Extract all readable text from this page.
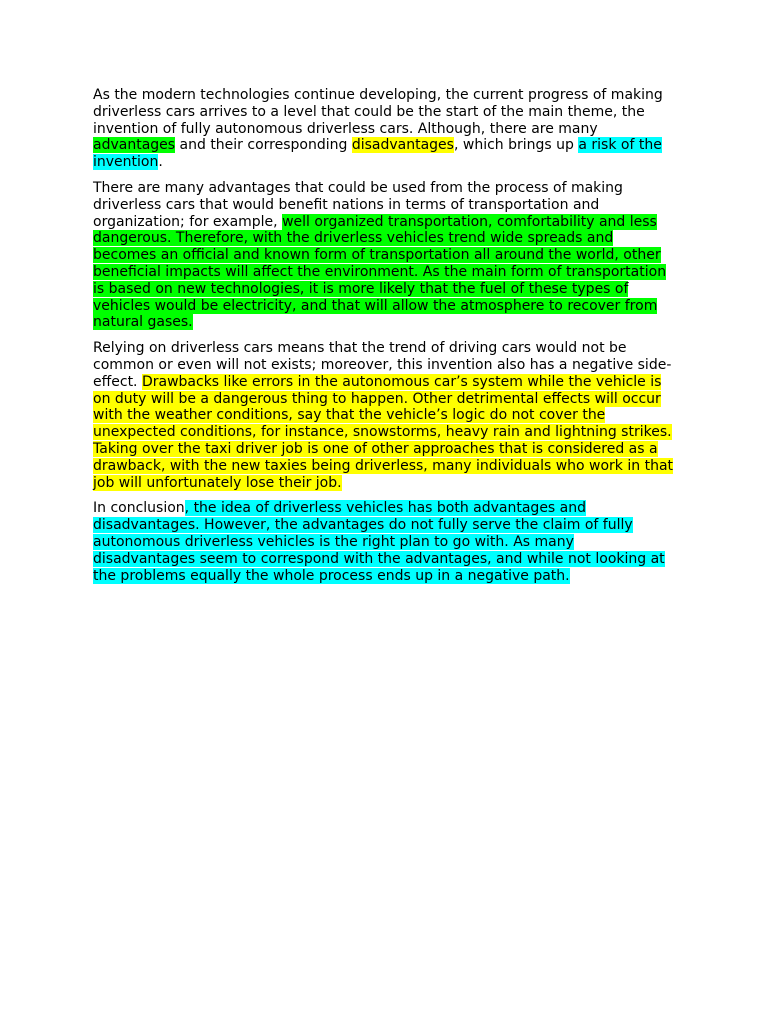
As the modern technologies continue developing, the current progress of making driverless cars arrives to a level that could be the start of the main theme, the invention of fully autonomous driverless cars. Although, there are many advantages and their corresponding disadvantages, which brings up a risk of the invention.

There are many advantages that could be used from the process of making driverless cars that would benefit nations in terms of transportation and organization; for example, well organized transportation, comfortability and less dangerous. Therefore, with the driverless vehicles trend wide spreads and becomes an official and known form of transportation all around the world, other beneficial impacts will affect the environment. As the main form of transportation is based on new technologies, it is more likely that the fuel of these types of vehicles would be electricity, and that will allow the atmosphere to recover from natural gases.

Relying on driverless cars means that the trend of driving cars would not be common or even will not exists; moreover, this invention also has a negative side-effect. Drawbacks like errors in the autonomous car’s system while the vehicle is on duty will be a dangerous thing to happen. Other detrimental effects will occur with the weather conditions, say that the vehicle’s logic do not cover the unexpected conditions, for instance, snowstorms, heavy rain and lightning strikes. Taking over the taxi driver job is one of other approaches that is considered as a drawback, with the new taxies being driverless, many individuals who work in that job will unfortunately lose their job.

In conclusion, the idea of driverless vehicles has both advantages and disadvantages. However, the advantages do not fully serve the claim of fully autonomous driverless vehicles is the right plan to go with. As many disadvantages seem to correspond with the advantages, and while not looking at the problems equally the whole process ends up in a negative path.
